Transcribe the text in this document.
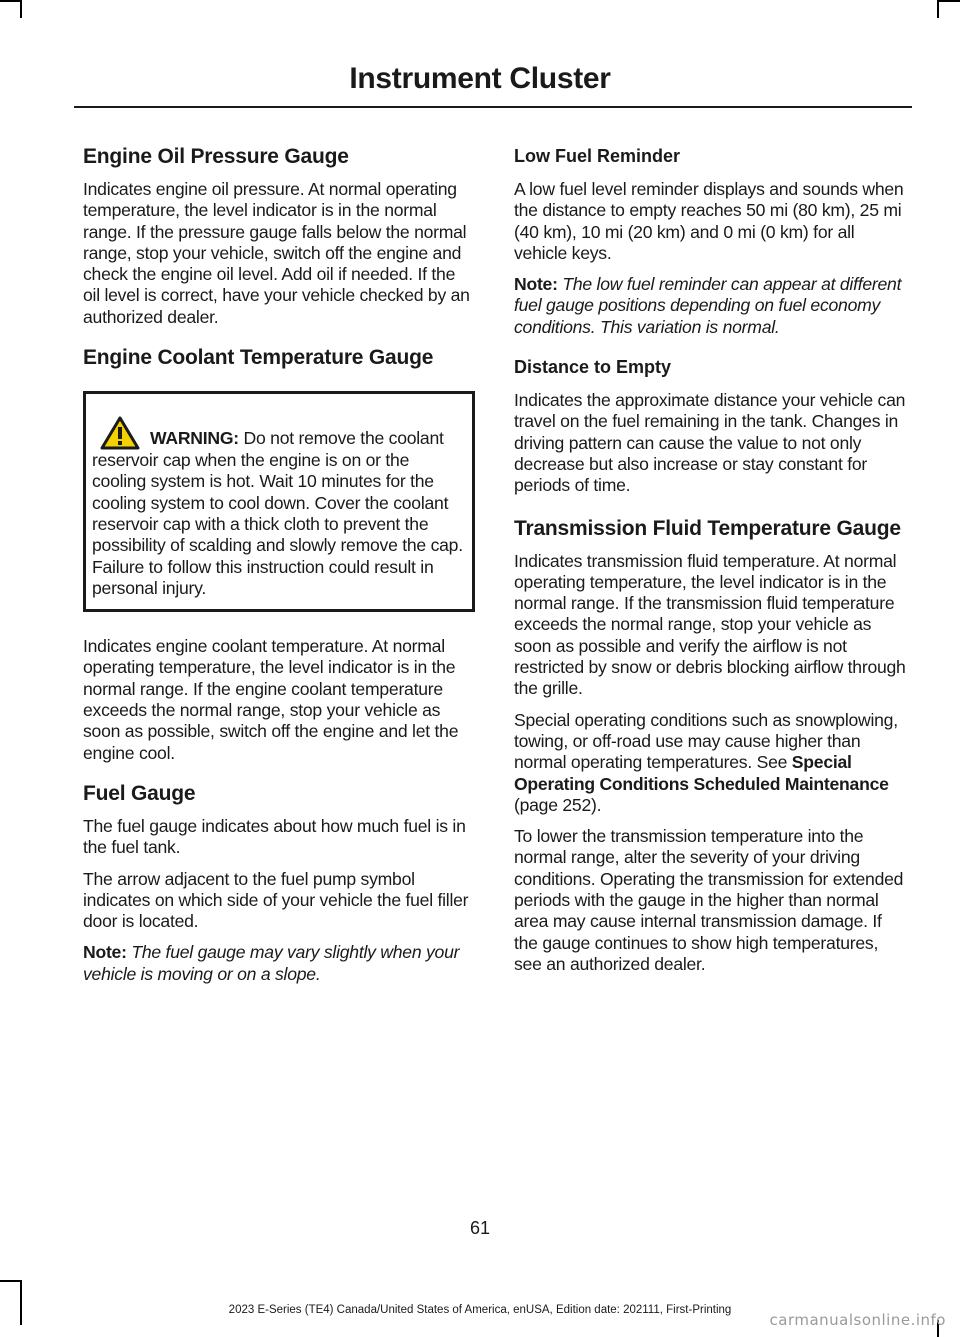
Instrument Cluster
Engine Oil Pressure Gauge

Indicates engine oil pressure. At normal operating temperature, the level indicator is in the normal range. If the pressure gauge falls below the normal range, stop your vehicle, switch off the engine and check the engine oil level. Add oil if needed. If the oil level is correct, have your vehicle checked by an authorized dealer.

Engine Coolant Temperature Gauge

WARNING: Do not remove the coolant reservoir cap when the engine is on or the cooling system is hot. Wait 10 minutes for the cooling system to cool down. Cover the coolant reservoir cap with a thick cloth to prevent the possibility of scalding and slowly remove the cap. Failure to follow this instruction could result in personal injury.

Indicates engine coolant temperature. At normal operating temperature, the level indicator is in the normal range. If the engine coolant temperature exceeds the normal range, stop your vehicle as soon as possible, switch off the engine and let the engine cool.

Fuel Gauge

The fuel gauge indicates about how much fuel is in the fuel tank.

The arrow adjacent to the fuel pump symbol indicates on which side of your vehicle the fuel filler door is located.

Note: The fuel gauge may vary slightly when your vehicle is moving or on a slope.

Low Fuel Reminder

A low fuel level reminder displays and sounds when the distance to empty reaches 50 mi (80 km), 25 mi (40 km), 10 mi (20 km) and 0 mi (0 km) for all vehicle keys.

Note: The low fuel reminder can appear at different fuel gauge positions depending on fuel economy conditions. This variation is normal.

Distance to Empty

Indicates the approximate distance your vehicle can travel on the fuel remaining in the tank. Changes in driving pattern can cause the value to not only decrease but also increase or stay constant for periods of time.

Transmission Fluid Temperature Gauge

Indicates transmission fluid temperature. At normal operating temperature, the level indicator is in the normal range. If the transmission fluid temperature exceeds the normal range, stop your vehicle as soon as possible and verify the airflow is not restricted by snow or debris blocking airflow through the grille.

Special operating conditions such as snowplowing, towing, or off-road use may cause higher than normal operating temperatures. See Special Operating Conditions Scheduled Maintenance (page 252).

To lower the transmission temperature into the normal range, alter the severity of your driving conditions. Operating the transmission for extended periods with the gauge in the higher than normal area may cause internal transmission damage. If the gauge continues to show high temperatures, see an authorized dealer.

61
2023 E-Series (TE4) Canada/United States of America, enUSA, Edition date: 202111, First-Printing
carmanualsonline.info
